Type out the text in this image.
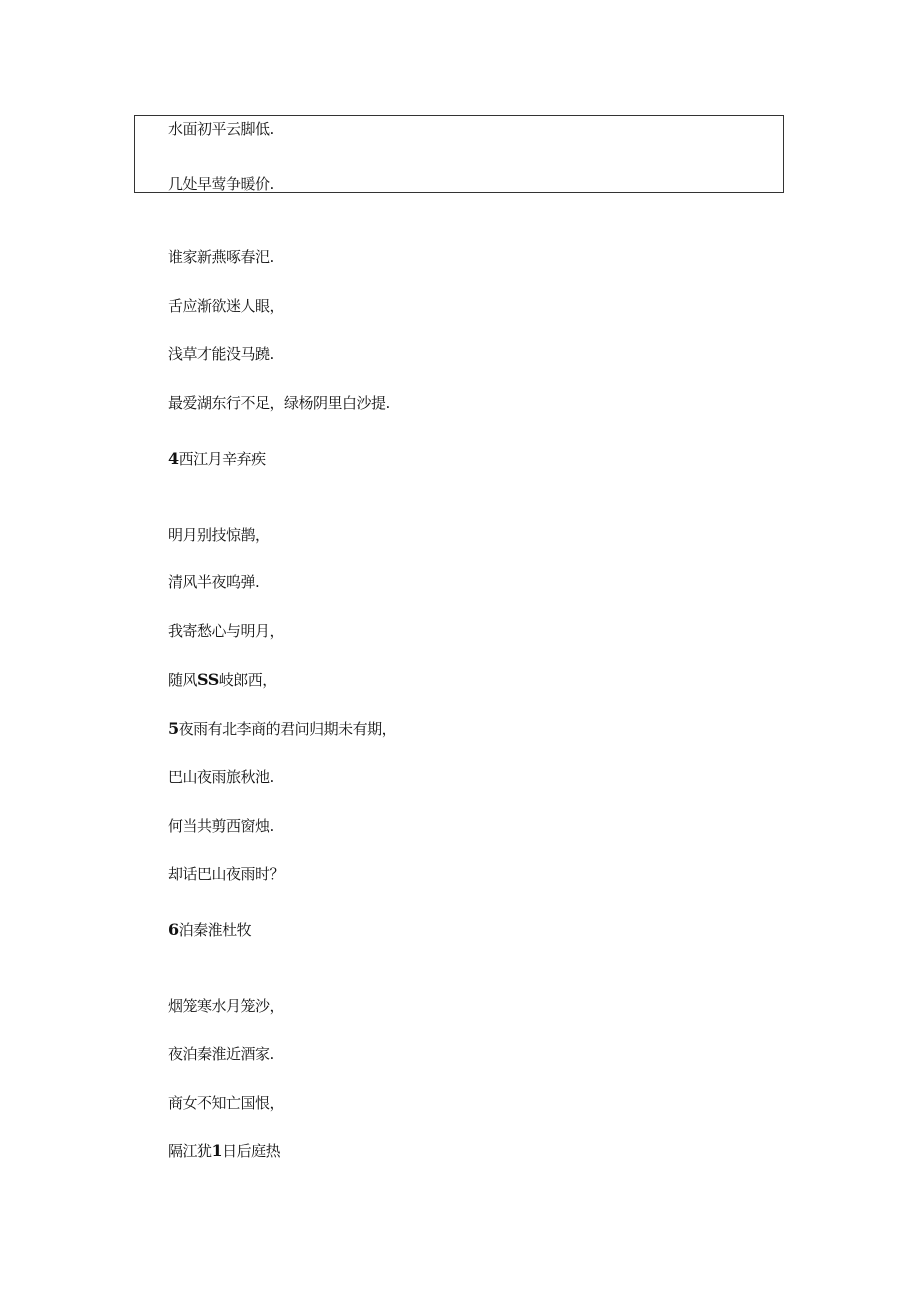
水面初平云脚低.
几处早莺争暖价.
谁家新燕啄春汜.
舌应渐欲迷人眼，
浅草才能没马蹺.
最爱湖东行不足，绿杨阴里白沙提.
4西江月辛弃疾
明月别技惊鹊，
清风半夜呜弹.
我寄愁心与明月，
随风SS岐郎西，
5夜雨有北李商的君问归期未有期，
巴山夜雨旅秋池.
何当共剪西窗烛.
却话巴山夜雨时？
6泊秦淮杜牧
烟笼寒水月笼沙，
夜泊秦淮近酒家.
商女不知亡国恨，
隔江犹1日后庭热
